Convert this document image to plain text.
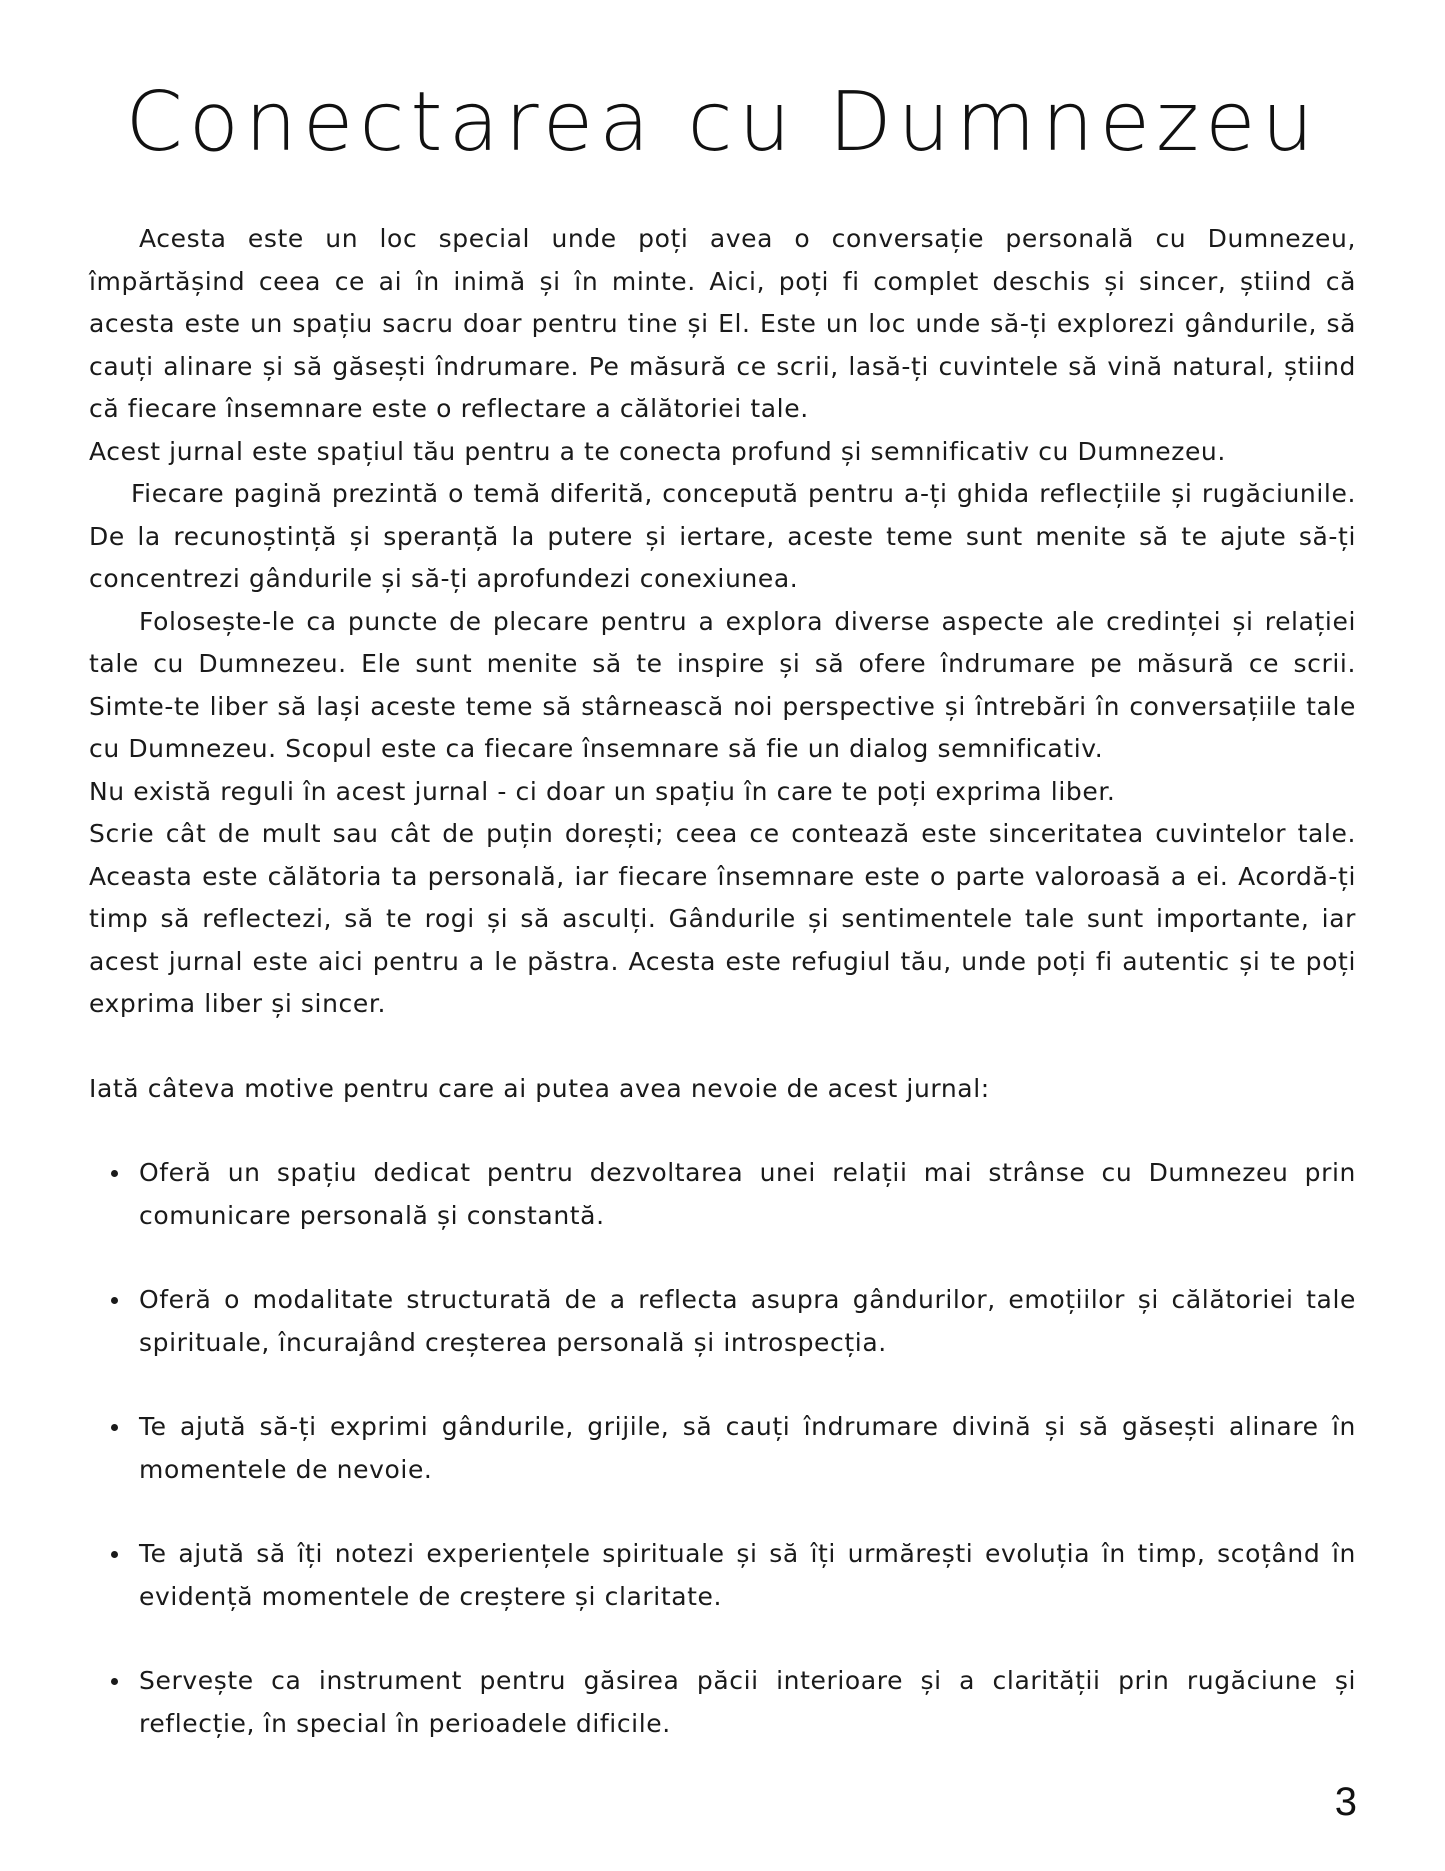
Conectarea cu Dumnezeu

Acesta este un loc special unde poți avea o conversație personală cu Dumnezeu, împărtășind ceea ce ai în inimă și în minte. Aici, poți fi complet deschis și sincer, știind că acesta este un spațiu sacru doar pentru tine și El. Este un loc unde să-ți explorezi gândurile, să cauți alinare și să găsești îndrumare. Pe măsură ce scrii, lasă-ți cuvintele să vină natural, știind că fiecare însemnare este o reflectare a călătoriei tale.

Acest jurnal este spațiul tău pentru a te conecta profund și semnificativ cu Dumnezeu.

Fiecare pagină prezintă o temă diferită, concepută pentru a-ți ghida reflecțiile și rugăciunile. De la recunoștință și speranță la putere și iertare, aceste teme sunt menite să te ajute să-ți concentrezi gândurile și să-ți aprofundezi conexiunea.

Folosește-le ca puncte de plecare pentru a explora diverse aspecte ale credinței și relației tale cu Dumnezeu. Ele sunt menite să te inspire și să ofere îndrumare pe măsură ce scrii. Simte-te liber să lași aceste teme să stârnească noi perspective și întrebări în conversațiile tale cu Dumnezeu. Scopul este ca fiecare însemnare să fie un dialog semnificativ.

Nu există reguli în acest jurnal - ci doar un spațiu în care te poți exprima liber.

Scrie cât de mult sau cât de puțin dorești; ceea ce contează este sinceritatea cuvintelor tale. Aceasta este călătoria ta personală, iar fiecare însemnare este o parte valoroasă a ei. Acordă-ți timp să reflectezi, să te rogi și să asculți. Gândurile și sentimentele tale sunt importante, iar acest jurnal este aici pentru a le păstra. Acesta este refugiul tău, unde poți fi autentic și te poți exprima liber și sincer.

Iată câteva motive pentru care ai putea avea nevoie de acest jurnal:

Oferă un spațiu dedicat pentru dezvoltarea unei relații mai strânse cu Dumnezeu prin comunicare personală și constantă.
Oferă o modalitate structurată de a reflecta asupra gândurilor, emoțiilor și călătoriei tale spirituale, încurajând creșterea personală și introspecția.
Te ajută să-ți exprimi gândurile, grijile, să cauți îndrumare divină și să găsești alinare în momentele de nevoie.
Te ajută să îți notezi experiențele spirituale și să îți urmărești evoluția în timp, scoțând în evidență momentele de creștere și claritate.
Servește ca instrument pentru găsirea păcii interioare și a clarității prin rugăciune și reflecție, în special în perioadele dificile.
3
